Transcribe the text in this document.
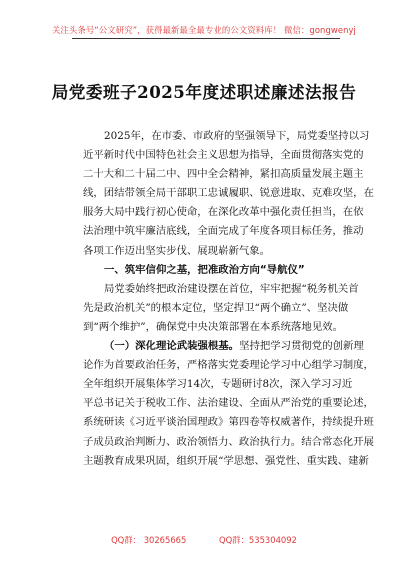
关注头条号“公文研究”，获得最新最全最专业的公文资料库！ 微信：gongwenyj
局党委班子2025年度述职述廉述法报告
2025年，在市委、市政府的坚强领导下，局党委坚持以习
近平新时代中国特色社会主义思想为指导，全面贯彻落实党的
二十大和二十届二中、四中全会精神，紧扣高质量发展主题主
线，团结带领全局干部职工忠诚履职、锐意进取、克难攻坚，在
服务大局中践行初心使命，在深化改革中强化责任担当，在依
法治理中筑牢廉洁底线，全面完成了年度各项目标任务，推动
各项工作迈出坚实步伐、展现崭新气象。
一、筑牢信仰之基，把准政治方向“导航仪”
局党委始终把政治建设摆在首位，牢牢把握“税务机关首
先是政治机关”的根本定位，坚定捍卫“两个确立”、坚决做
到“两个维护”，确保党中央决策部署在本系统落地见效。
（一）深化理论武装强根基。坚持把学习贯彻党的创新理
论作为首要政治任务，严格落实党委理论学习中心组学习制度，
全年组织开展集体学习14次，专题研讨8次，深入学习习近
平总书记关于税收工作、法治建设、全面从严治党的重要论述，
系统研读《习近平谈治国理政》第四卷等权威著作，持续提升班
子成员政治判断力、政治领悟力、政治执行力。结合常态化开展
主题教育成果巩固，组织开展“学思想、强党性、重实践、建新
QQ群： 30265665	QQ群：535304092
